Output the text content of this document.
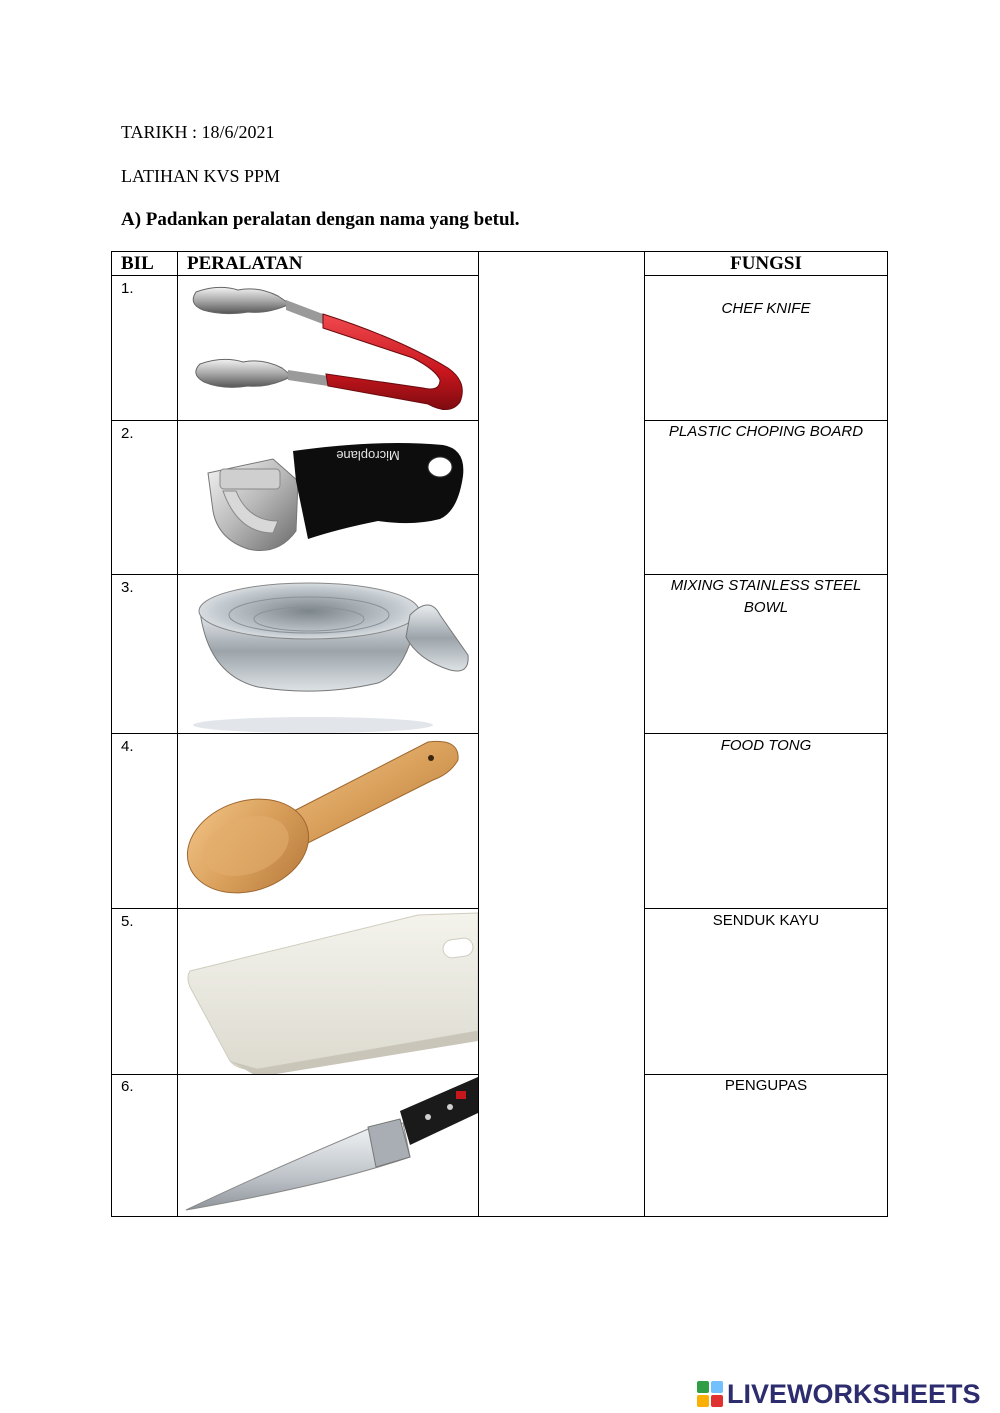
TARIKH : 18/6/2021
LATIHAN KVS PPM
A) Padankan peralatan dengan nama yang betul.
BIL PERALATAN	FUNGSI
1.
2.
3.
4.
5.
6.
CHEF KNIFE
PLASTIC CHOPING BOARD
MIXING STAINLESS STEEL BOWL
FOOD TONG
SENDUK KAYU
PENGUPAS
Microplane
LIVEWORKSHEETS
